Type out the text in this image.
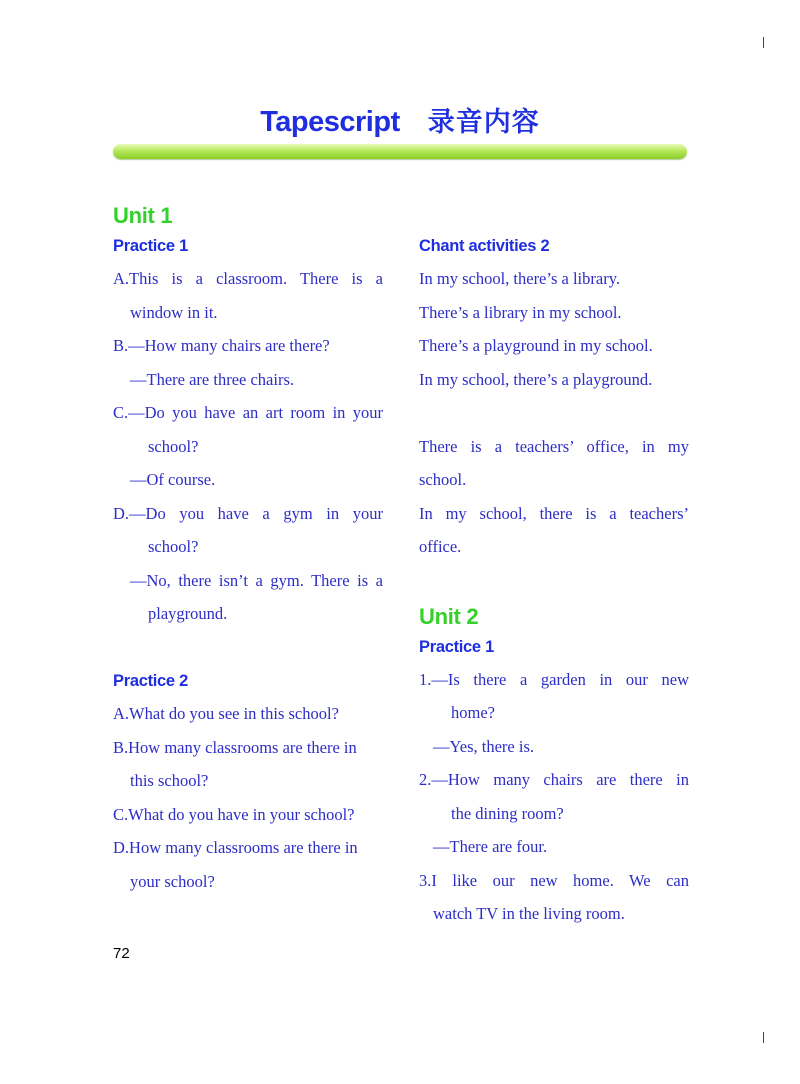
Tapescript 录音内容
Unit 1
Practice 1
A.This is a classroom. There is a
window in it.
B.—How many chairs are there?
—There are three chairs.
C.—Do you have an art room in your
school?
—Of course.
D.—Do you have a gym in your
school?
—No, there isn’t a gym. There is a
playground.
Practice 2
A.What do you see in this school?
B.How many classrooms are there in
this school?
C.What do you have in your school?
D.How many classrooms are there in
your school?
Chant activities 2
In my school, there’s a library.
There’s a library in my school.
There’s a playground in my school.
In my school, there’s a playground.
There is a teachers’ office, in my
school.
In my school, there is a teachers’
office.
Unit 2
Practice 1
1.—Is there a garden in our new
home?
—Yes, there is.
2.—How many chairs are there in
the dining room?
—There are four.
3.I like our new home. We can
watch TV in the living room.
72
